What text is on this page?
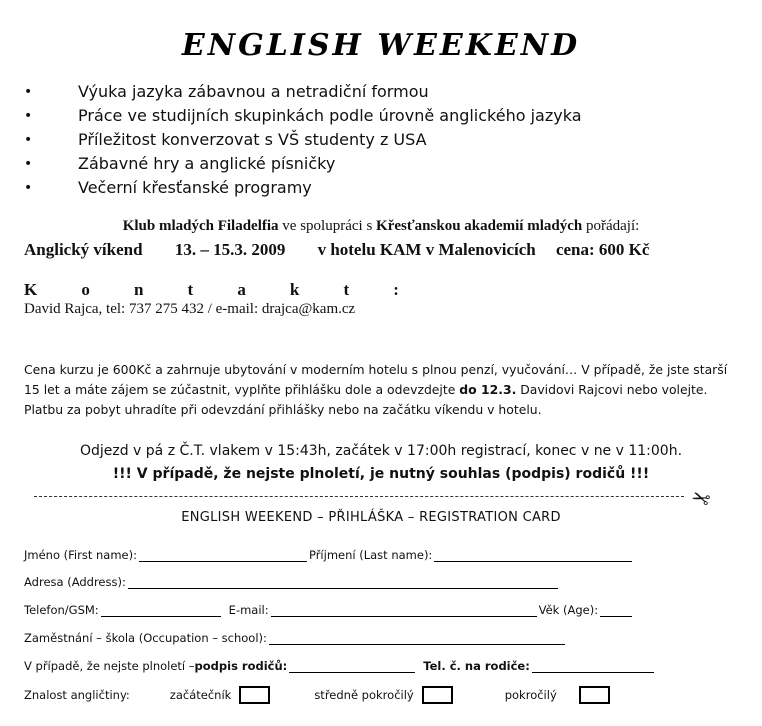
ENGLISH WEEKEND
•	Výuka jazyka zábavnou a netradiční formou
•	Práce ve studijních skupinkách podle úrovně anglického jazyka
•	Příležitost konverzovat s VŠ studenty z USA
•	Zábavné hry a anglické písničky
•	Večerní křesťanské programy
Klub mladých Filadelfia ve spolupráci s Křesťanskou akademií mladých pořádají:
Anglický víkend 13. – 15.3. 2009 v hotelu KAM v Malenovicích cena: 600 Kč
K	o	n	t	a	k	t	:
David Rajca, tel: 737 275 432 / e-mail: drajca@kam.cz
Cena kurzu je 600Kč a zahrnuje ubytování v moderním hotelu s plnou penzí, vyučování… V případě, že jste starší 15 let a máte zájem se zúčastnit, vyplňte přihlášku dole a odevzdejte do 12.3. Davidovi Rajcovi nebo volejte. Platbu za pobyt uhradíte při odevzdání přihlášky nebo na začátku víkendu v hotelu.
Odjezd v pá z Č.T. vlakem v 15:43h, začátek v 17:00h registrací, konec v ne v 11:00h.
!!! V případě, že nejste plnoletí, je nutný souhlas (podpis) rodičů !!!
✂
ENGLISH WEEKEND – PŘIHLÁŠKA – REGISTRATION CARD
Jméno (First name):	Příjmení (Last name):
Adresa (Address):
Telefon/GSM:	E-mail:	Věk (Age):
Zaměstnání – škola (Occupation – school):
V případě, že nejste plnoletí – podpis rodičů:	Tel. č. na rodiče:
Znalost angličtiny:	začátečník	středně pokročilý	pokročilý
